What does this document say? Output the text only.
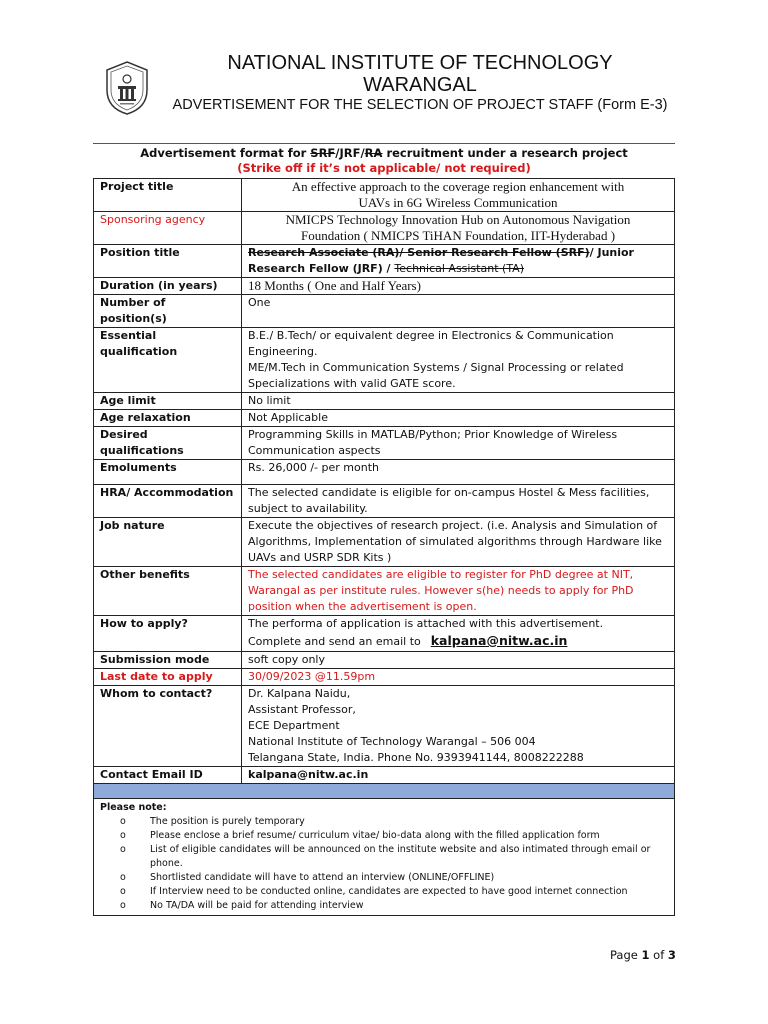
NATIONAL INSTITUTE OF TECHNOLOGY
WARANGAL
ADVERTISEMENT FOR THE SELECTION OF PROJECT STAFF (Form E-3)
Advertisement format for SRF/JRF/RA recruitment under a research project
(Strike off if it’s not applicable/ not required)
Project title	An effective approach to the coverage region enhancement with
UAVs in 6G Wireless Communication

Sponsoring agency	NMICPS Technology Innovation Hub on Autonomous Navigation
Foundation ( NMICPS TiHAN Foundation, IIT-Hyderabad )

Position title	Research Associate (RA)/ Senior Research Fellow (SRF)/ Junior Research Fellow (JRF) / Technical Assistant (TA)
Duration (in years)	18 Months ( One and Half Years)
Number of position(s)	One
Essential qualification	B.E./ B.Tech/ or equivalent degree in Electronics & Communication Engineering.
ME/M.Tech in Communication Systems / Signal Processing or related Specializations with valid GATE score.

Age limit	No limit
Age relaxation	Not Applicable
Desired qualifications	Programming Skills in MATLAB/Python; Prior Knowledge of Wireless Communication aspects
Emoluments	Rs. 26,000 /- per month
HRA/ Accommodation	The selected candidate is eligible for on-campus Hostel & Mess facilities, subject to availability.
Job nature	Execute the objectives of research project. (i.e. Analysis and Simulation of Algorithms, Implementation of simulated algorithms through Hardware like UAVs and USRP SDR Kits )
Other benefits	The selected candidates are eligible to register for PhD degree at NIT, Warangal as per institute rules. However s(he) needs to apply for PhD position when the advertisement is open.
How to apply?	The performa of application is attached with this advertisement.
Complete and send an email to kalpana@nitw.ac.in

Submission mode	soft copy only
Last date to apply	30/09/2023 @11.59pm
Whom to contact?	Dr. Kalpana Naidu,
Assistant Professor,
ECE Department
National Institute of Technology Warangal – 506 004
Telangana State, India. Phone No. 9393941144, 8008222288

Contact Email ID	kalpana@nitw.ac.in

Please note:
o	The position is purely temporary
o	Please enclose a brief resume/ curriculum vitae/ bio-data along with the filled application form
o	List of eligible candidates will be announced on the institute website and also intimated through email or phone.
o	Shortlisted candidate will have to attend an interview (ONLINE/OFFLINE)
o	If Interview need to be conducted online, candidates are expected to have good internet connection
o	No TA/DA will be paid for attending interview
Page 1 of 3
